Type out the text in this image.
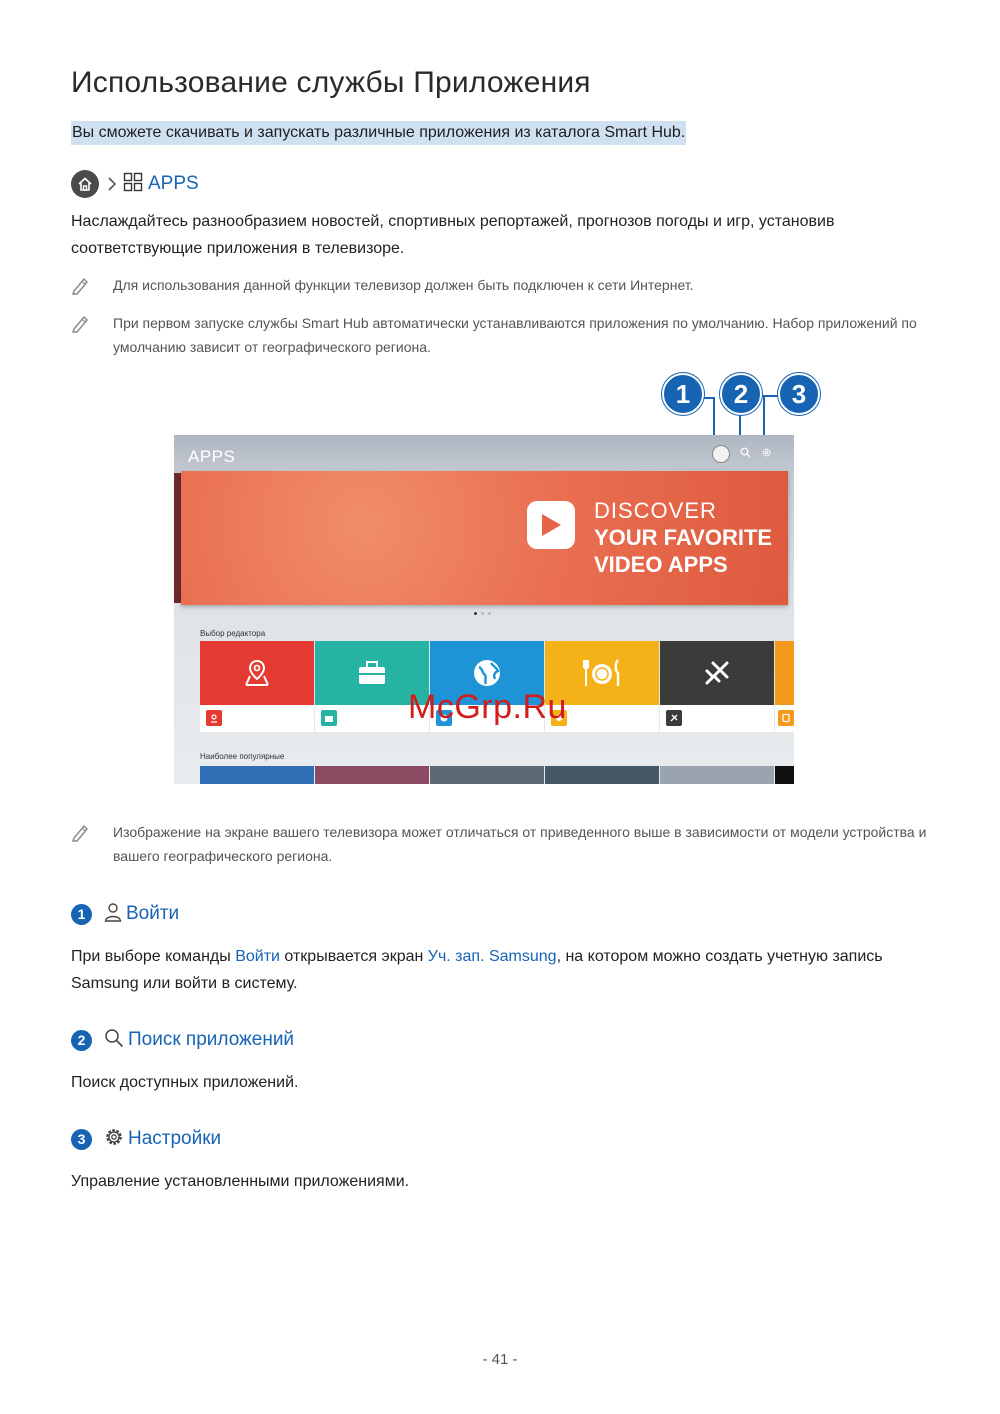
Использование службы Приложения
Вы сможете скачивать и запускать различные приложения из каталога Smart Hub.
APPS

Наслаждайтесь разнообразием новостей, спортивных репортажей, прогнозов погоды и игр, установив соответствующие приложения в телевизоре.

Для использования данной функции телевизор должен быть подключен к сети Интернет.

При первом запуске службы Smart Hub автоматически устанавливаются приложения по умолчанию. Набор приложений по умолчанию зависит от географического региона.

1	2	3
APPS
DISCOVER
YOUR FAVORITE
VIDEO APPS
Выбор редактора
Наиболее популярные
McGrp.Ru

Изображение на экране вашего телевизора может отличаться от приведенного выше в зависимости от модели устройства и вашего географического региона.

1	Войти

При выборе команды Войти открывается экран Уч. зап. Samsung, на котором можно создать учетную запись Samsung или войти в систему.

2	Поиск приложений

Поиск доступных приложений.

3	Настройки

Управление установленными приложениями.

- 41 -
